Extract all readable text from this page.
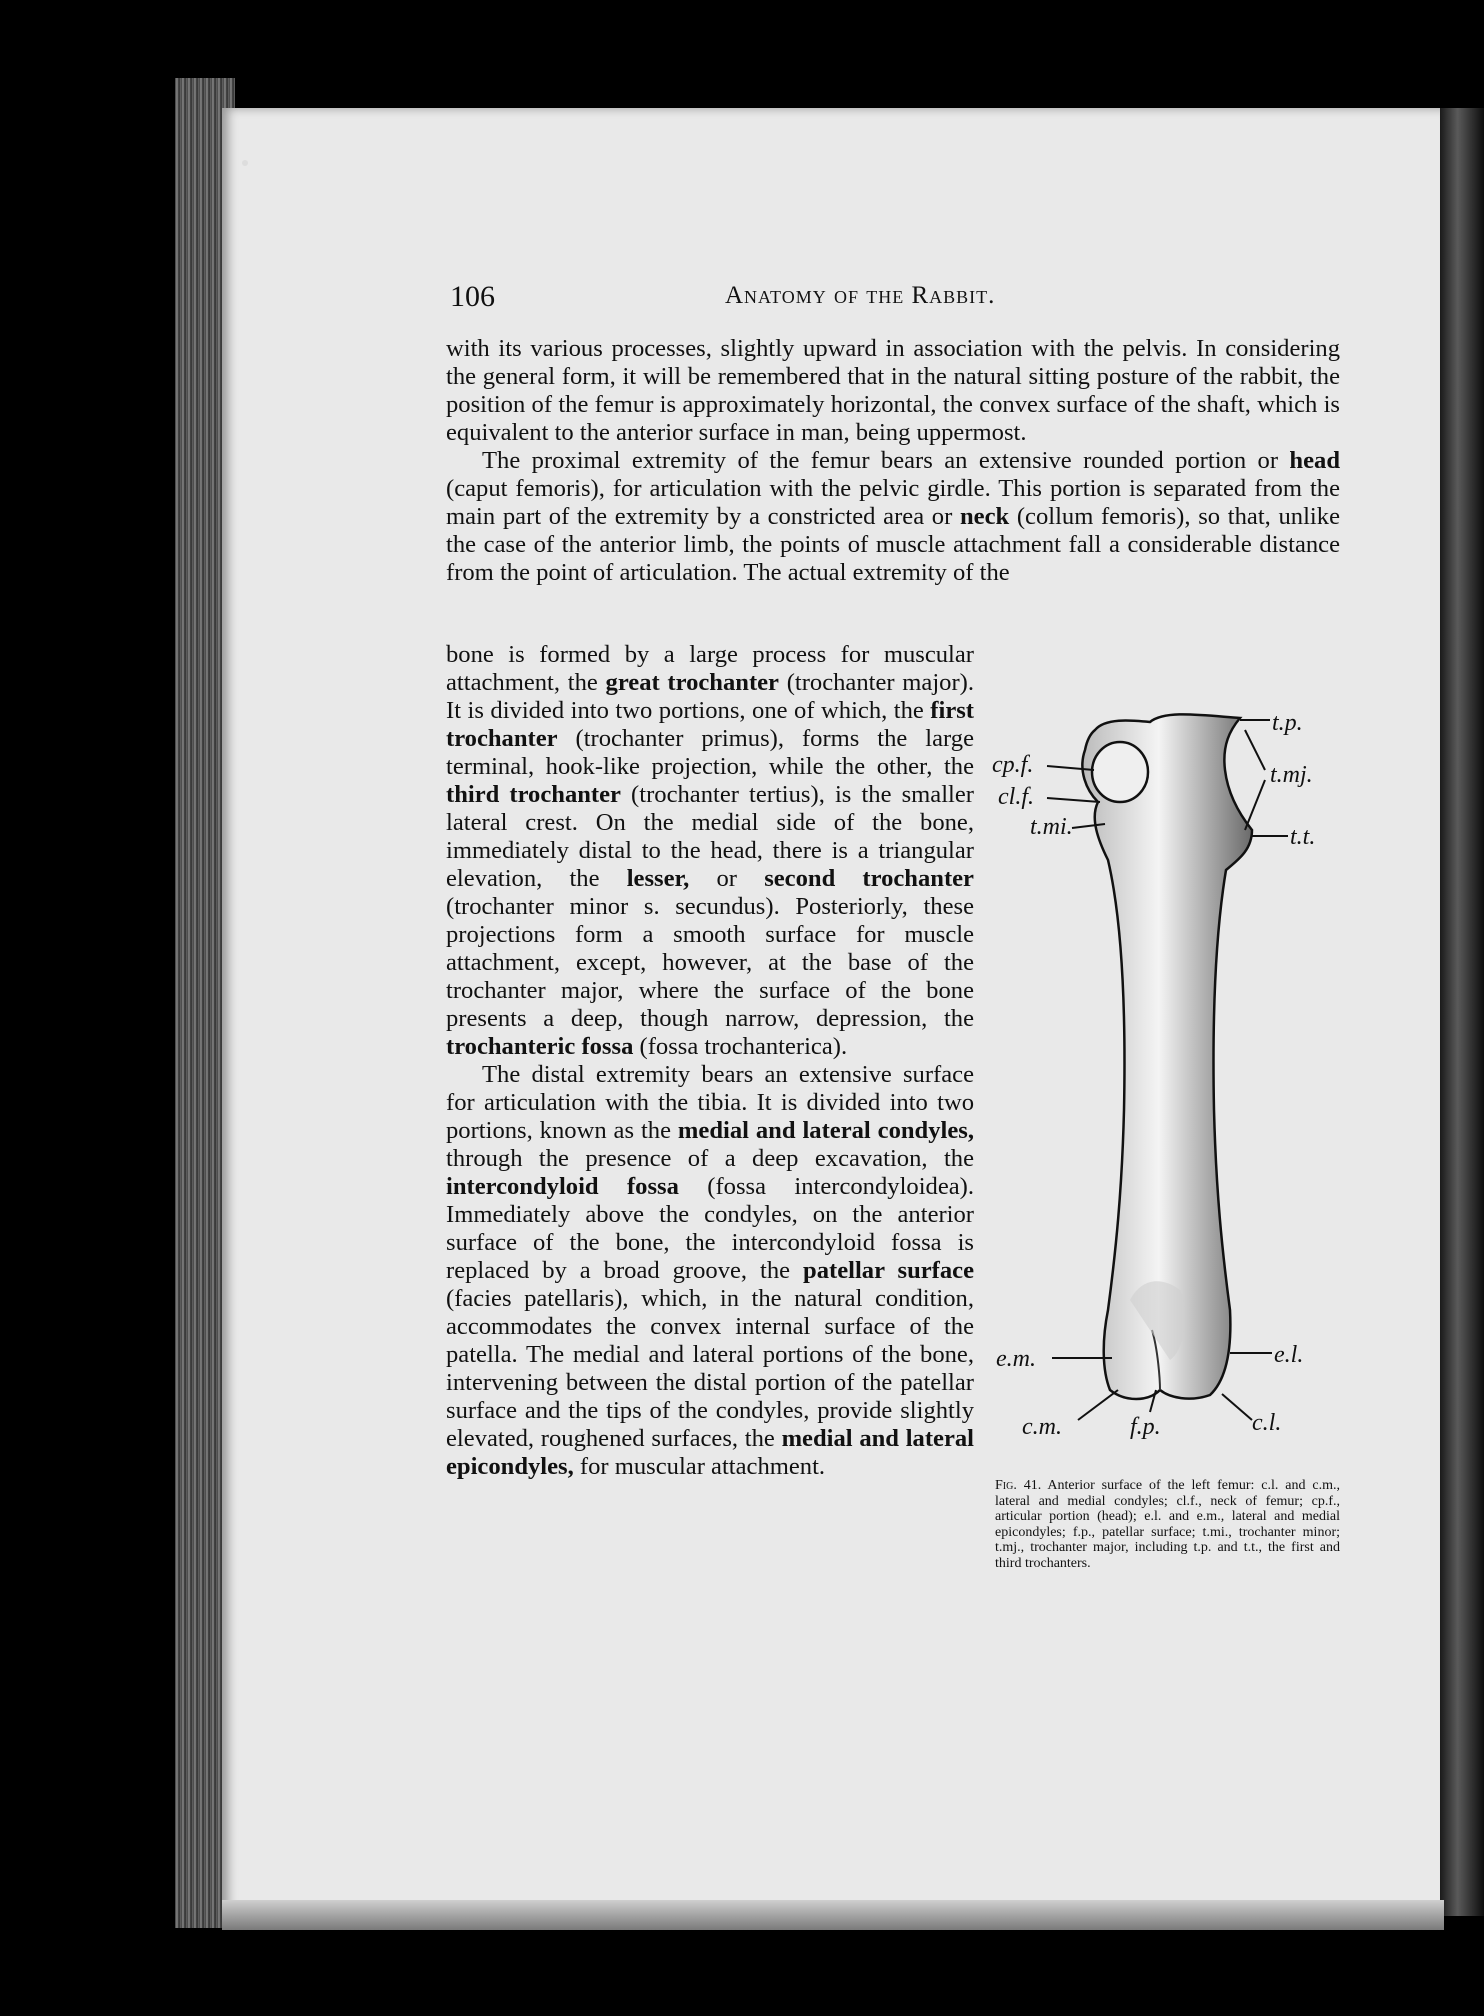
106	Anatomy of the Rabbit.

with its various processes, slightly upward in association with the pelvis. In considering the general form, it will be remembered that in the natural sitting posture of the rabbit, the position of the femur is approximately horizontal, the convex surface of the shaft, which is equivalent to the anterior surface in man, being uppermost.

The proximal extremity of the femur bears an extensive rounded portion or head (caput femoris), for articulation with the pelvic girdle. This portion is separated from the main part of the extremity by a constricted area or neck (collum femoris), so that, unlike the case of the anterior limb, the points of muscle attachment fall a considerable distance from the point of articulation. The actual extremity of the

bone is formed by a large process for muscular attachment, the great trochanter (trochanter major). It is divided into two portions, one of which, the first trochanter (trochanter primus), forms the large terminal, hook-like projection, while the other, the third trochanter (trochanter tertius), is the smaller lateral crest. On the medial side of the bone, immediately distal to the head, there is a triangular elevation, the lesser, or second trochanter (trochanter minor s. secundus). Posteriorly, these projections form a smooth surface for muscle attachment, except, however, at the base of the trochanter major, where the surface of the bone presents a deep, though narrow, depression, the trochanteric fossa (fossa trochanterica).

The distal extremity bears an extensive surface for articulation with the tibia. It is divided into two portions, known as the medial and lateral condyles, through the presence of a deep excavation, the intercondyloid fossa (fossa intercondyloidea). Immediately above the condyles, on the anterior surface of the bone, the intercondyloid fossa is replaced by a broad groove, the patellar surface (facies patellaris), which, in the natural condition, accommodates the convex internal surface of the patella. The medial and lateral portions of the bone, intervening between the distal portion of the patellar surface and the tips of the condyles, provide slightly elevated, roughened surfaces, the medial and lateral epicondyles, for muscular attachment.

t.p.
cp.f.	t.mj.
cl.f.
t.mi.	t.t.
e.m.	e.l.
c.m.	f.p.	c.l.
Fig. 41. Anterior surface of the left femur: c.l. and c.m., lateral and medial condyles; cl.f., neck of femur; cp.f., articular portion (head); e.l. and e.m., lateral and medial epicondyles; f.p., patellar surface; t.mi., trochanter minor; t.mj., trochanter major, including t.p. and t.t., the first and third trochanters.
